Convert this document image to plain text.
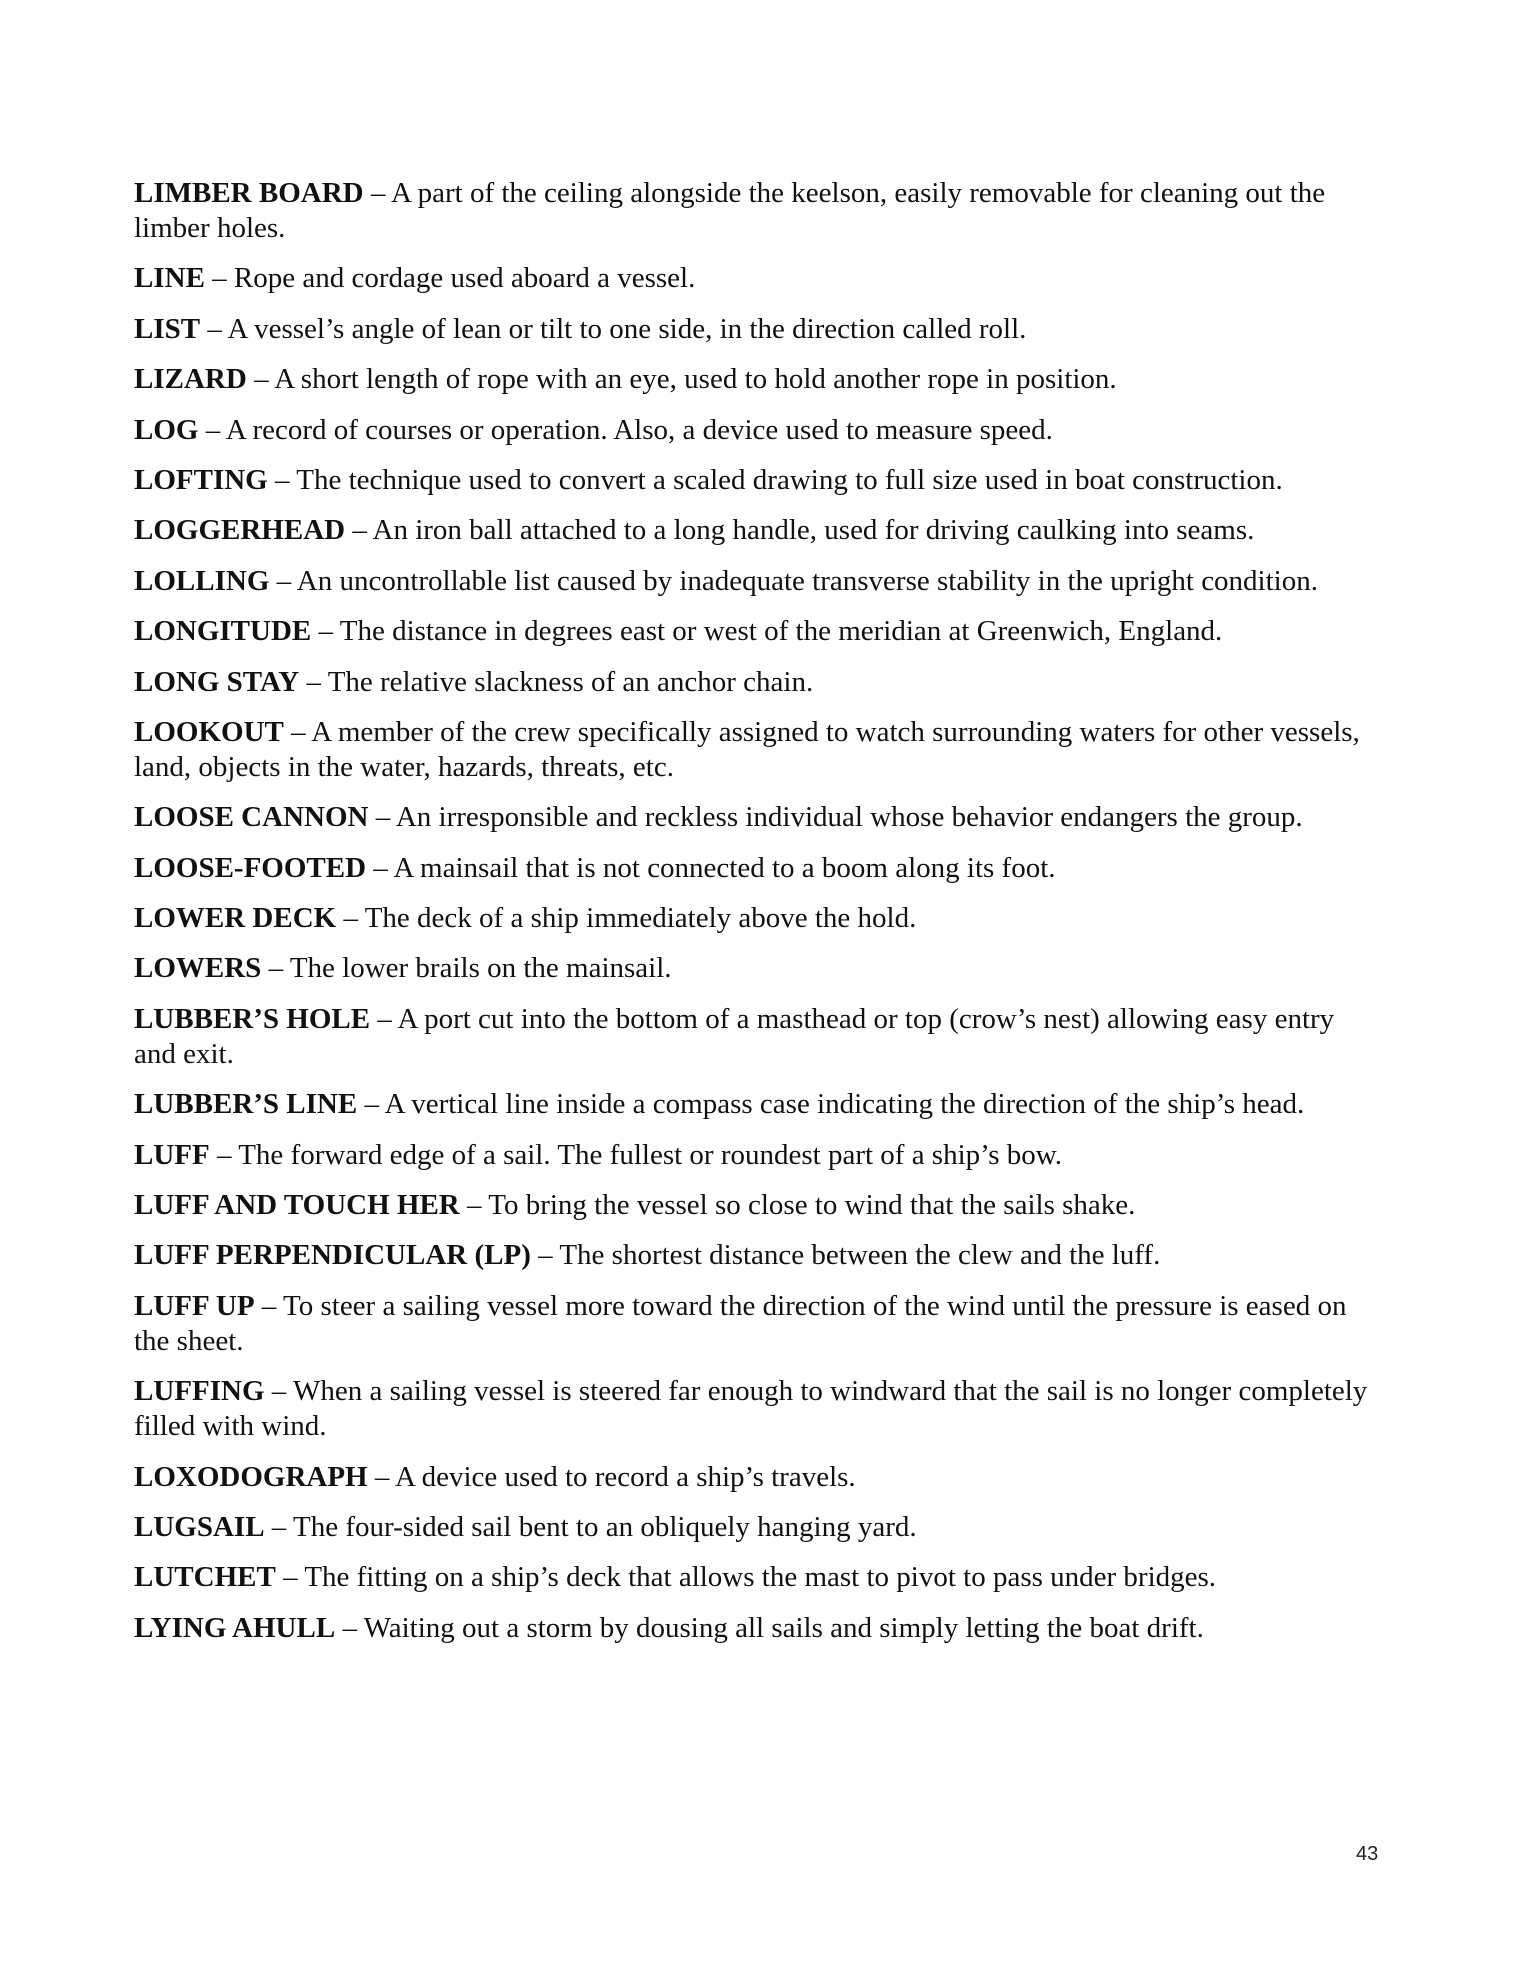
LIMBER BOARD – A part of the ceiling alongside the keelson, easily removable for cleaning out the limber holes.

LINE – Rope and cordage used aboard a vessel.

LIST – A vessel’s angle of lean or tilt to one side, in the direction called roll.

LIZARD – A short length of rope with an eye, used to hold another rope in position.

LOG – A record of courses or operation. Also, a device used to measure speed.

LOFTING – The technique used to convert a scaled drawing to full size used in boat construction.

LOGGERHEAD – An iron ball attached to a long handle, used for driving caulking into seams.

LOLLING – An uncontrollable list caused by inadequate transverse stability in the upright condition.

LONGITUDE – The distance in degrees east or west of the meridian at Greenwich, England.

LONG STAY – The relative slackness of an anchor chain.

LOOKOUT – A member of the crew specifically assigned to watch surrounding waters for other vessels, land, objects in the water, hazards, threats, etc.

LOOSE CANNON – An irresponsible and reckless individual whose behavior endangers the group.

LOOSE-FOOTED – A mainsail that is not connected to a boom along its foot.

LOWER DECK – The deck of a ship immediately above the hold.

LOWERS – The lower brails on the mainsail.

LUBBER’S HOLE – A port cut into the bottom of a masthead or top (crow’s nest) allowing easy entry and exit.

LUBBER’S LINE – A vertical line inside a compass case indicating the direction of the ship’s head.

LUFF – The forward edge of a sail. The fullest or roundest part of a ship’s bow.

LUFF AND TOUCH HER – To bring the vessel so close to wind that the sails shake.

LUFF PERPENDICULAR (LP) – The shortest distance between the clew and the luff.

LUFF UP – To steer a sailing vessel more toward the direction of the wind until the pressure is eased on the sheet.

LUFFING – When a sailing vessel is steered far enough to windward that the sail is no longer completely filled with wind.

LOXODOGRAPH – A device used to record a ship’s travels.

LUGSAIL – The four-sided sail bent to an obliquely hanging yard.

LUTCHET – The fitting on a ship’s deck that allows the mast to pivot to pass under bridges.

LYING AHULL – Waiting out a storm by dousing all sails and simply letting the boat drift.

43
